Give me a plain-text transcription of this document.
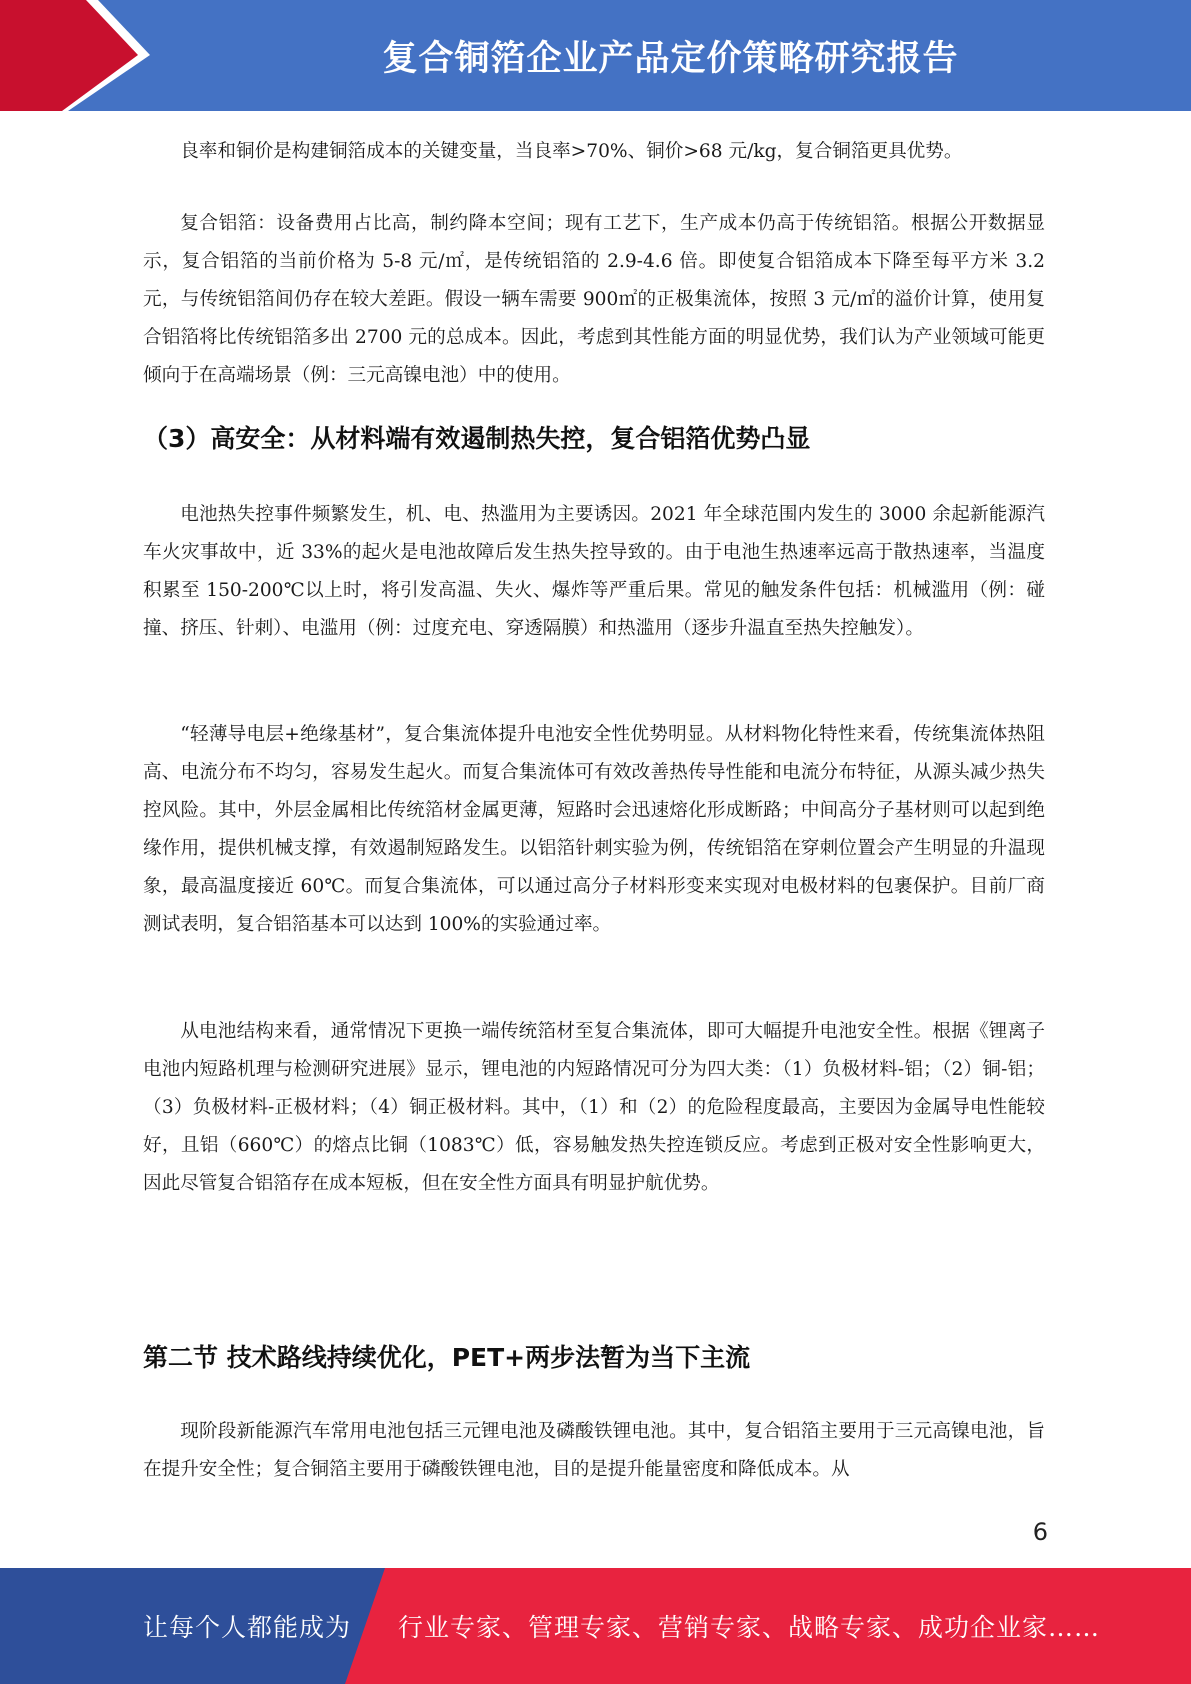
复合铜箔企业产品定价策略研究报告

良率和铜价是构建铜箔成本的关键变量，当良率>70%、铜价>68 元/kg，复合铜箔更具优势。

复合铝箔：设备费用占比高，制约降本空间；现有工艺下，生产成本仍高于传统铝箔。根据公开数据显示，复合铝箔的当前价格为 5-8 元/㎡，是传统铝箔的 2.9-4.6 倍。即使复合铝箔成本下降至每平方米 3.2 元，与传统铝箔间仍存在较大差距。假设一辆车需要 900㎡的正极集流体，按照 3 元/㎡的溢价计算，使用复合铝箔将比传统铝箔多出 2700 元的总成本。因此，考虑到其性能方面的明显优势，我们认为产业领域可能更倾向于在高端场景（例：三元高镍电池）中的使用。

（3）高安全：从材料端有效遏制热失控，复合铝箔优势凸显

电池热失控事件频繁发生，机、电、热滥用为主要诱因。2021 年全球范围内发生的 3000 余起新能源汽车火灾事故中，近 33%的起火是电池故障后发生热失控导致的。由于电池生热速率远高于散热速率，当温度积累至 150-200℃以上时，将引发高温、失火、爆炸等严重后果。常见的触发条件包括：机械滥用（例：碰撞、挤压、针刺）、电滥用（例：过度充电、穿透隔膜）和热滥用（逐步升温直至热失控触发）。

“轻薄导电层+绝缘基材”，复合集流体提升电池安全性优势明显。从材料物化特性来看，传统集流体热阻高、电流分布不均匀，容易发生起火。而复合集流体可有效改善热传导性能和电流分布特征，从源头减少热失控风险。其中，外层金属相比传统箔材金属更薄，短路时会迅速熔化形成断路；中间高分子基材则可以起到绝缘作用，提供机械支撑，有效遏制短路发生。以铝箔针刺实验为例，传统铝箔在穿刺位置会产生明显的升温现象，最高温度接近 60℃。而复合集流体，可以通过高分子材料形变来实现对电极材料的包裹保护。目前厂商测试表明，复合铝箔基本可以达到 100%的实验通过率。

从电池结构来看，通常情况下更换一端传统箔材至复合集流体，即可大幅提升电池安全性。根据《锂离子电池内短路机理与检测研究进展》显示，锂电池的内短路情况可分为四大类：（1）负极材料-铝；（2）铜-铝；（3）负极材料-正极材料；（4）铜正极材料。其中，（1）和（2）的危险程度最高，主要因为金属导电性能较好，且铝（660℃）的熔点比铜（1083℃）低，容易触发热失控连锁反应。考虑到正极对安全性影响更大，因此尽管复合铝箔存在成本短板，但在安全性方面具有明显护航优势。

第二节 技术路线持续优化，PET+两步法暂为当下主流

现阶段新能源汽车常用电池包括三元锂电池及磷酸铁锂电池。其中，复合铝箔主要用于三元高镍电池，旨在提升安全性；复合铜箔主要用于磷酸铁锂电池，目的是提升能量密度和降低成本。从

6
让每个人都能成为 行业专家、管理专家、营销专家、战略专家、成功企业家……
